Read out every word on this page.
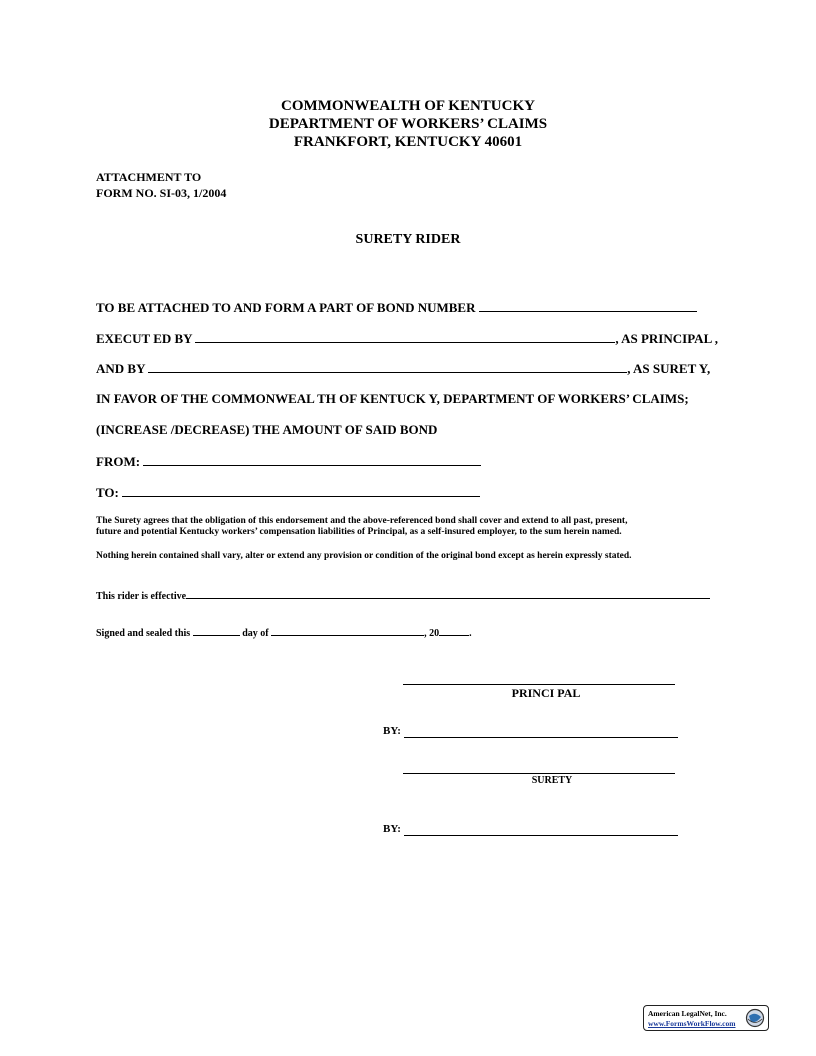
COMMONWEALTH OF KENTUCKY
DEPARTMENT OF WORKERS’ CLAIMS
FRANKFORT, KENTUCKY 40601
ATTACHMENT TO
FORM NO. SI-03, 1/2004
SURETY RIDER
TO BE ATTACHED TO AND FORM A PART OF BOND NUMBER
EXECUT ED BY	, AS PRINCIPAL ,
AND BY	, AS SURET Y,
IN FAVOR OF THE COMMONWEAL TH OF KENTUCK Y, DEPARTMENT OF WORKERS’ CLAIMS;
(INCREASE /DECREASE) THE AMOUNT OF SAID BOND
FROM:
TO:
The Surety agrees that the obligation of this endorsement and the above-referenced bond shall cover and extend to all past, present,
future and potential Kentucky workers’ compensation liabilities of Principal, as a self-insured employer, to the sum herein named.
Nothing herein contained shall vary, alter or extend any provision or condition of the original bond except as herein expressly stated.
This rider is effective
Signed and sealed this	day of	, 20	.
PRINCI PAL
BY:
SURETY
BY:
American LegalNet, Inc.
www.FormsWorkFlow.com
